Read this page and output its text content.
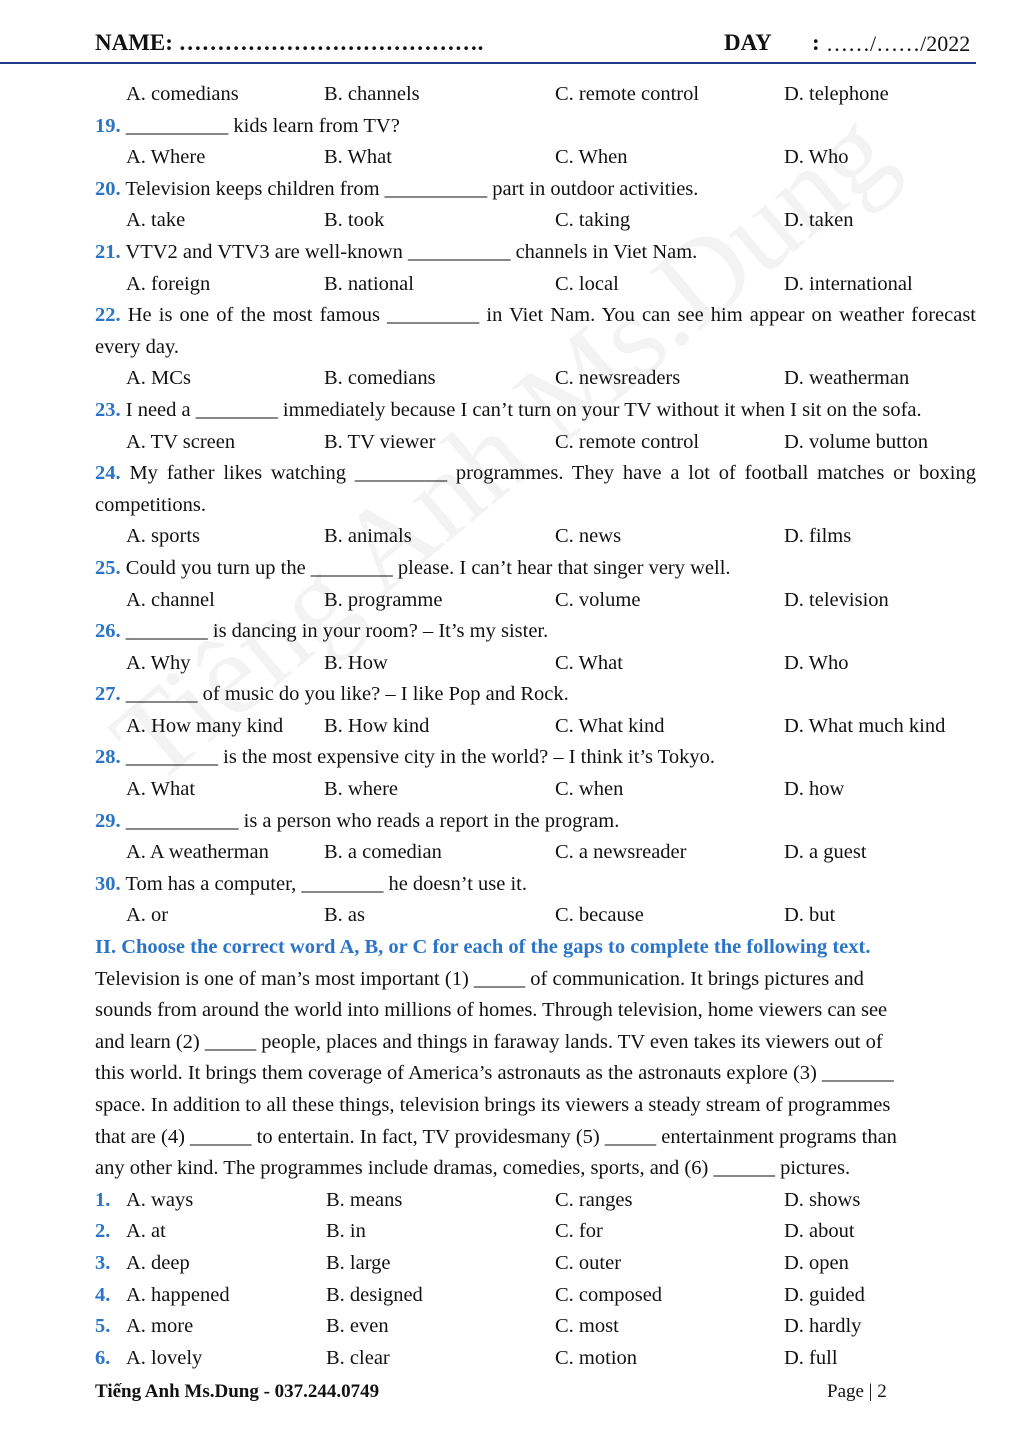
NAME: ………………………………….	DAY : ……/……/2022
A. comedians	B. channels	C. remote control	D. telephone
19. __________ kids learn from TV?
A. Where	B. What	C. When	D. Who
20. Television keeps children from __________ part in outdoor activities.
A. take	B. took	C. taking	D. taken
21. VTV2 and VTV3 are well-known __________ channels in Viet Nam.
A. foreign	B. national	C. local	D. international
22. He is one of the most famous _________ in Viet Nam. You can see him appear on weather forecast every day.
A. MCs	B. comedians	C. newsreaders	D. weatherman
23. I need a ________ immediately because I can’t turn on your TV without it when I sit on the sofa.
A. TV screen	B. TV viewer	C. remote control	D. volume button
24. My father likes watching _________ programmes. They have a lot of football matches or boxing competitions.
A. sports	B. animals	C. news	D. films
25. Could you turn up the ________ please. I can’t hear that singer very well.
A. channel	B. programme	C. volume	D. television
26. ________ is dancing in your room? – It’s my sister.
A. Why	B. How	C. What	D. Who
27. _______ of music do you like? – I like Pop and Rock.
A. How many kind B. How kind	C. What kind	D. What much kind
28. _________ is the most expensive city in the world? – I think it’s Tokyo.
A. What	B. where	C. when	D. how
29. ___________ is a person who reads a report in the program.
A. A weatherman	B. a comedian	C. a newsreader	D. a guest
30. Tom has a computer, ________ he doesn’t use it.
A. or	B. as	C. because	D. but
II. Choose the correct word A, B, or C for each of the gaps to complete the following text.
Television is one of man’s most important (1) _____ of communication. It brings pictures and
sounds from around the world into millions of homes. Through television, home viewers can see
and learn (2) _____ people, places and things in faraway lands. TV even takes its viewers out of
this world. It brings them coverage of America’s astronauts as the astronauts explore (3) _______
space. In addition to all these things, television brings its viewers a steady stream of programmes
that are (4) ______ to entertain. In fact, TV providesmany (5) _____ entertainment programs than
any other kind. The programmes include dramas, comedies, sports, and (6) ______ pictures.
1. A. ways	B. means	C. ranges	D. shows
2. A. at	B. in	C. for	D. about
3. A. deep	B. large	C. outer	D. open
4. A. happened	B. designed	C. composed	D. guided
5. A. more	B. even	C. most	D. hardly
6. A. lovely	B. clear	C. motion	D. full
Tiếng Anh Ms.Dung - 037.244.0749	Page | 2
